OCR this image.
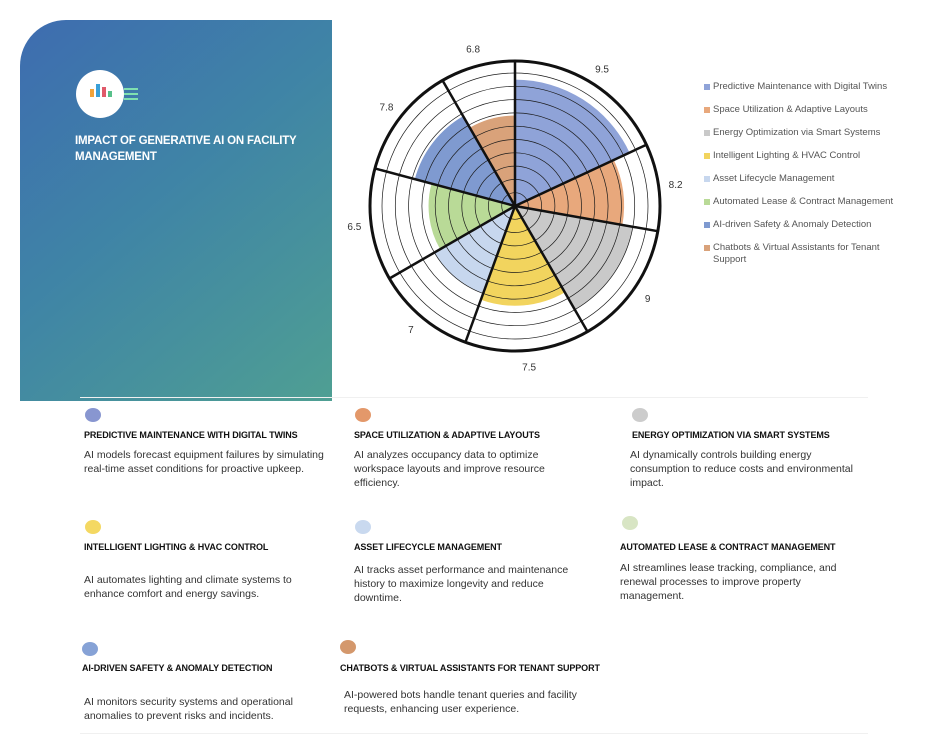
IMPACT OF GENERATIVE AI ON FACILITY MANAGEMENT
9.5
8.2
9
7.5
7
6.5
7.8
6.8
Predictive Maintenance with Digital Twins
Space Utilization & Adaptive Layouts
Energy Optimization via Smart Systems
Intelligent Lighting & HVAC Control
Asset Lifecycle Management
Automated Lease & Contract Management
AI-driven Safety & Anomaly Detection
Chatbots & Virtual Assistants for Tenant Support
PREDICTIVE MAINTENANCE WITH DIGITAL TWINS
AI models forecast equipment failures by simulating real-time asset conditions for proactive upkeep.
SPACE UTILIZATION & ADAPTIVE LAYOUTS
AI analyzes occupancy data to optimize workspace layouts and improve resource efficiency.
ENERGY OPTIMIZATION VIA SMART SYSTEMS
AI dynamically controls building energy consumption to reduce costs and environmental impact.
INTELLIGENT LIGHTING & HVAC CONTROL
AI automates lighting and climate systems to enhance comfort and energy savings.
ASSET LIFECYCLE MANAGEMENT
AI tracks asset performance and maintenance history to maximize longevity and reduce downtime.
AUTOMATED LEASE & CONTRACT MANAGEMENT
AI streamlines lease tracking, compliance, and renewal processes to improve property management.
AI-DRIVEN SAFETY & ANOMALY DETECTION
AI monitors security systems and operational anomalies to prevent risks and incidents.
CHATBOTS & VIRTUAL ASSISTANTS FOR TENANT SUPPORT
AI-powered bots handle tenant queries and facility requests, enhancing user experience.
